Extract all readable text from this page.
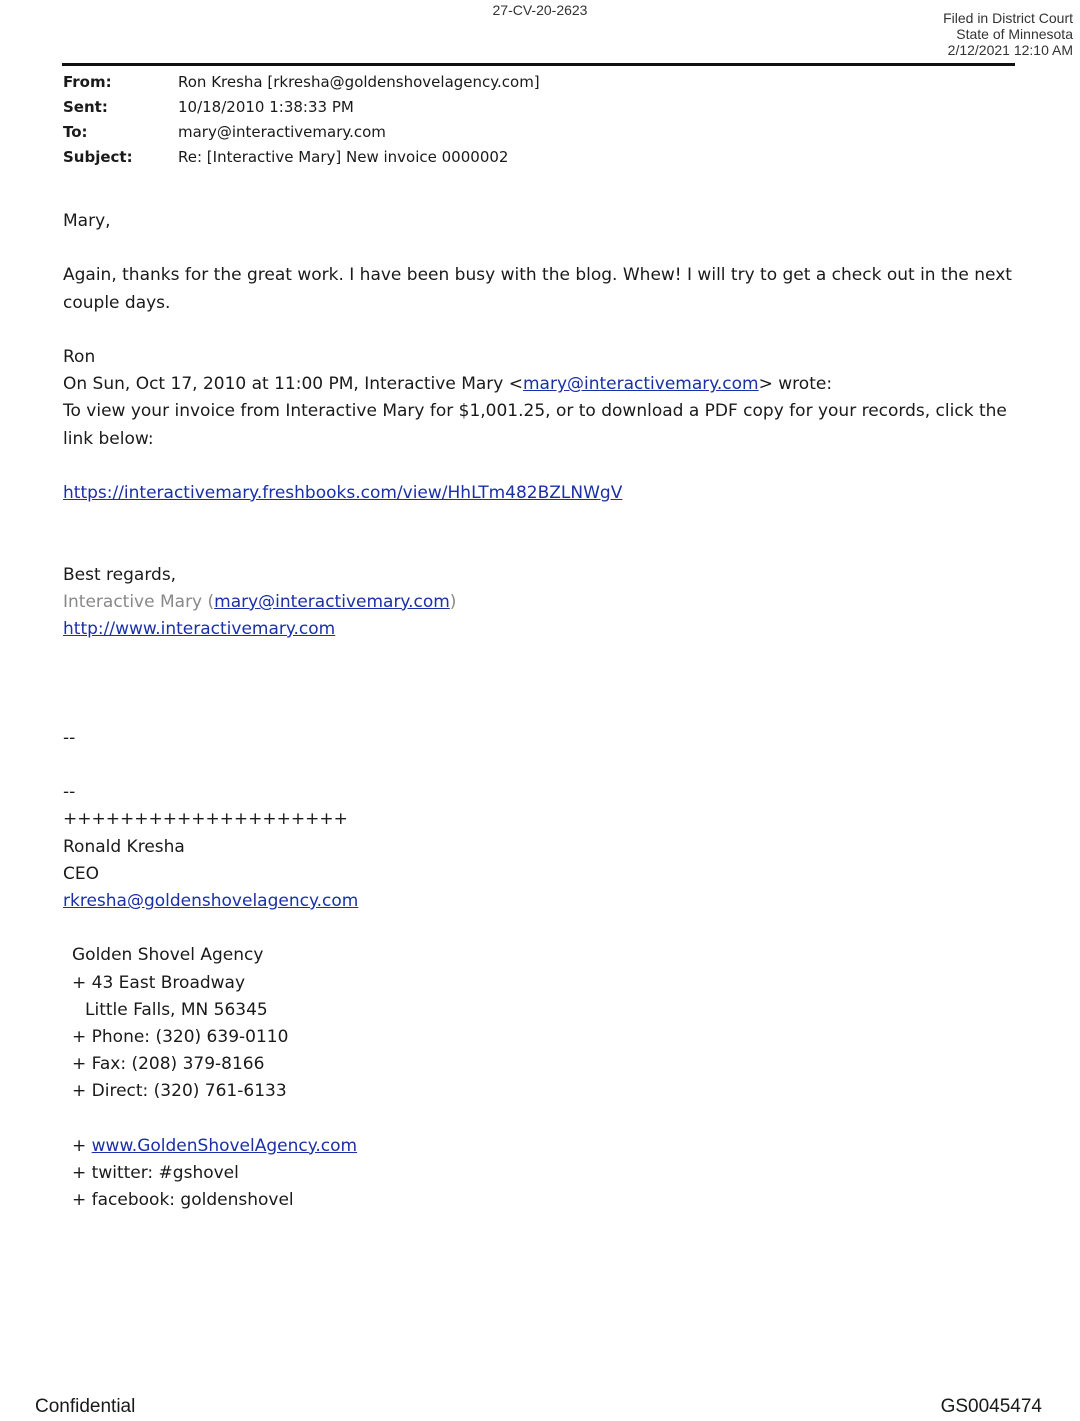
27-CV-20-2623	Filed in District Court
State of Minnesota
2/12/2021 12:10 AM
From:	Ron Kresha [rkresha@goldenshovelagency.com]
Sent:	10/18/2010 1:38:33 PM
To:	mary@interactivemary.com
Subject:	Re: [Interactive Mary] New invoice 0000002

Mary,

Again, thanks for the great work. I have been busy with the blog. Whew! I will try to get a check out in the next couple days.

Ron

On Sun, Oct 17, 2010 at 11:00 PM, Interactive Mary <mary@interactivemary.com> wrote:

To view your invoice from Interactive Mary for $1,001.25, or to download a PDF copy for your records, click the link below:

https://interactivemary.freshbooks.com/view/HhLTm482BZLNWgV

Best regards,

Interactive Mary (mary@interactivemary.com)

http://www.interactivemary.com

--

--

++++++++++++++++++++

Ronald Kresha

CEO

rkresha@goldenshovelagency.com

Golden Shovel Agency

+ 43 East Broadway

Little Falls, MN 56345

+ Phone: (320) 639-0110

+ Fax: (208) 379-8166

+ Direct: (320) 761-6133

+ www.GoldenShovelAgency.com

+ twitter: #gshovel

+ facebook: goldenshovel

Confidential	GS0045474
